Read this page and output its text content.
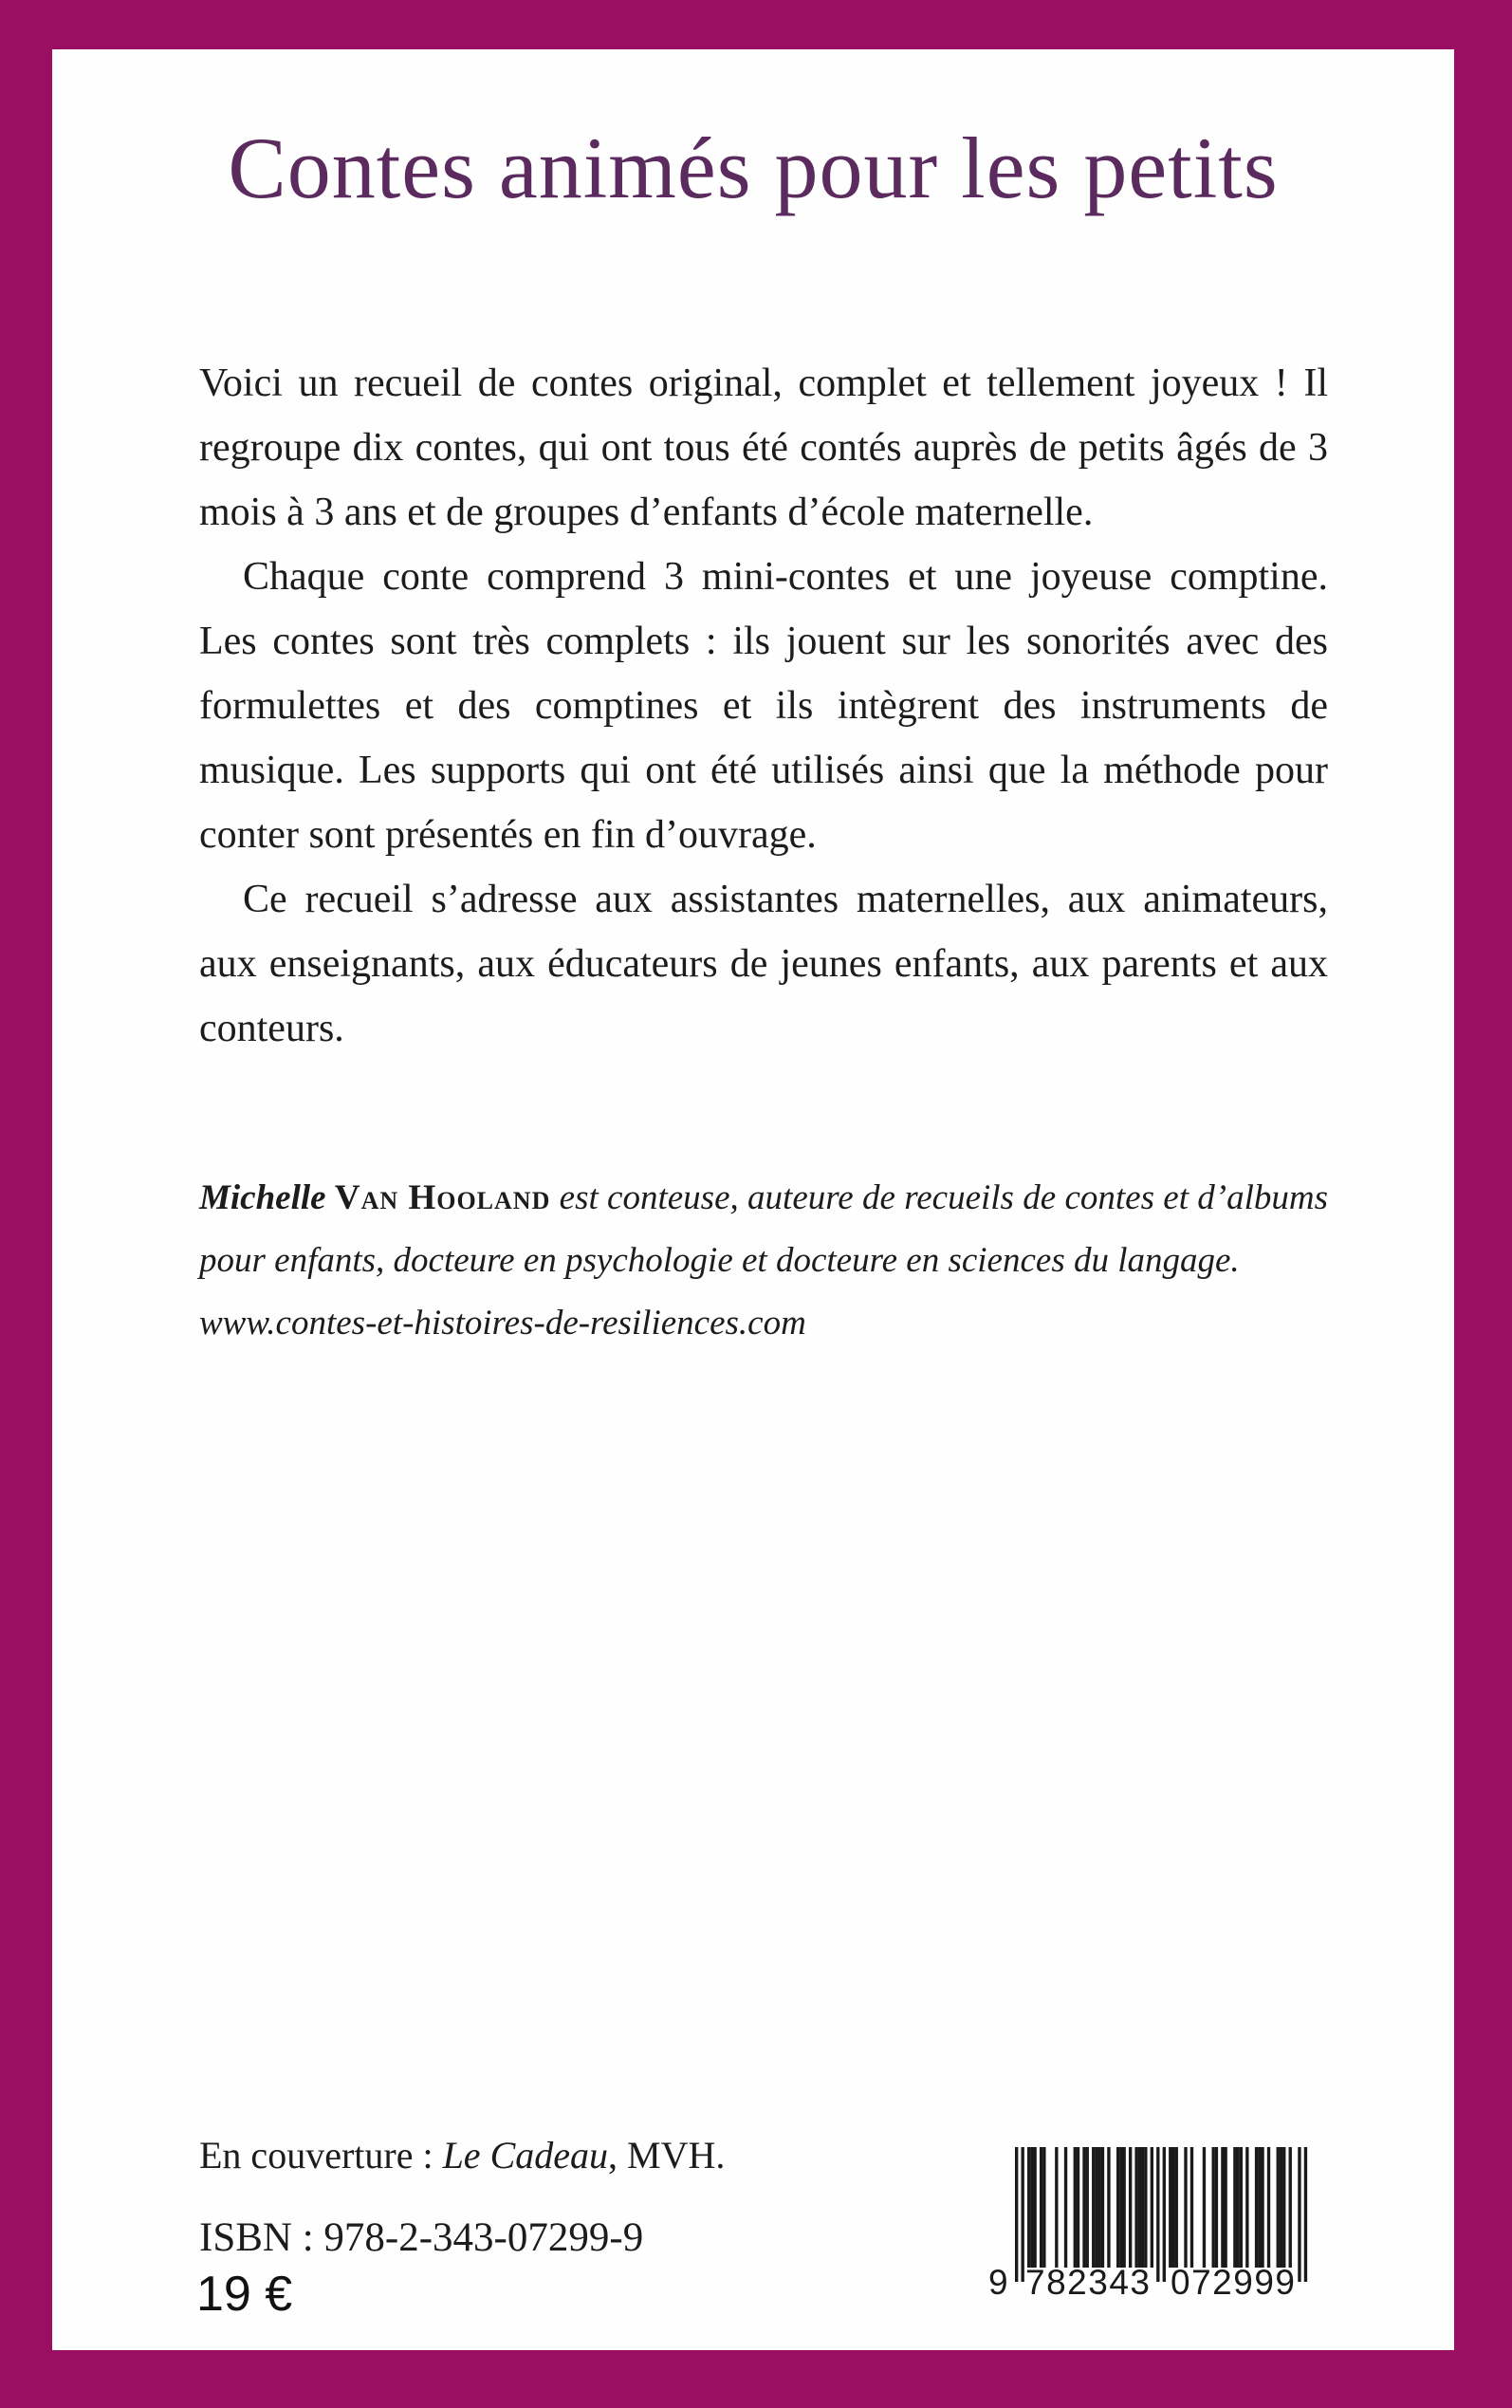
Contes animés pour les petits

Voici un recueil de contes original, complet et tellement joyeux ! Il regroupe dix contes, qui ont tous été contés auprès de petits âgés de 3 mois à 3 ans et de groupes d’enfants d’école maternelle.

Chaque conte comprend 3 mini-contes et une joyeuse comptine. Les contes sont très complets : ils jouent sur les sonorités avec des formulettes et des comptines et ils intègrent des instruments de musique. Les supports qui ont été utilisés ainsi que la méthode pour conter sont présentés en fin d’ouvrage.

Ce recueil s’adresse aux assistantes maternelles, aux animateurs, aux enseignants, aux éducateurs de jeunes enfants, aux parents et aux conteurs.

Michelle Van Hooland est conteuse, auteure de recueils de contes et d’albums pour enfants, docteure en psychologie et docteure en sciences du langage.

www.contes-et-histoires-de-resiliences.com

En couverture : Le Cadeau, MVH.

ISBN : 978-2-343-07299-9

19 €	9 782343 072999
